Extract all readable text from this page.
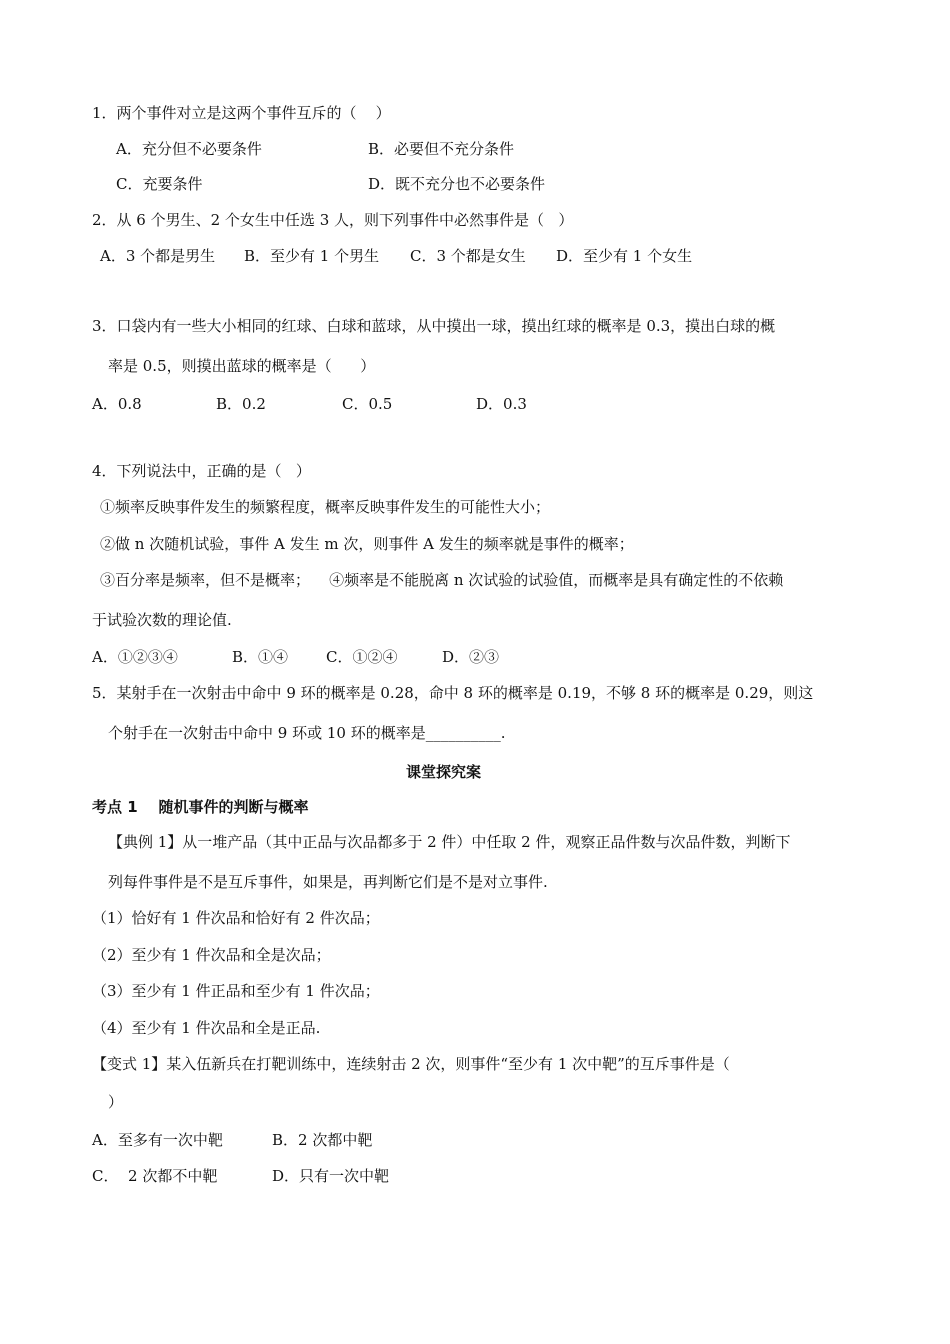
1．两个事件对立是这两个事件互斥的（    ）
A．充分但不必要条件	B．必要但不充分条件
C．充要条件	D．既不充分也不必要条件
2．从 6 个男生、2 个女生中任选 3 人，则下列事件中必然事件是（   ）
A．3 个都是男生 B．至少有 1 个男生 C．3 个都是女生 D．至少有 1 个女生
3．口袋内有一些大小相同的红球、白球和蓝球，从中摸出一球，摸出红球的概率是 0.3，摸出白球的概
率是 0.5，则摸出蓝球的概率是（      ）
A．0.8	B．0.2	C．0.5	D．0.3
4．下列说法中，正确的是（   ）
①频率反映事件发生的频繁程度，概率反映事件发生的可能性大小；
②做 n 次随机试验，事件 A 发生 m 次，则事件 A 发生的频率就是事件的概率；
③百分率是频率，但不是概率；    ④频率是不能脱离 n 次试验的试验值，而概率是具有确定性的不依赖
于试验次数的理论值.
A．①②③④	B．①④	C．①②④	D．②③
5．某射手在一次射击中命中 9 环的概率是 0.28，命中 8 环的概率是 0.19，不够 8 环的概率是 0.29，则这
个射手在一次射击中命中 9 环或 10 环的概率是__________.
课堂探究案
考点 1    随机事件的判断与概率
【典例 1】从一堆产品（其中正品与次品都多于 2 件）中任取 2 件，观察正品件数与次品件数，判断下
列每件事件是不是互斥事件，如果是，再判断它们是不是对立事件.
（1）恰好有 1 件次品和恰好有 2 件次品；
（2）至少有 1 件次品和全是次品；
（3）至少有 1 件正品和至少有 1 件次品；
（4）至少有 1 件次品和全是正品.
【变式 1】某入伍新兵在打靶训练中，连续射击 2 次，则事件“至少有 1 次中靶”的互斥事件是（
）
A．至多有一次中靶	B．2 次都中靶
C．  2 次都不中靶	D．只有一次中靶
